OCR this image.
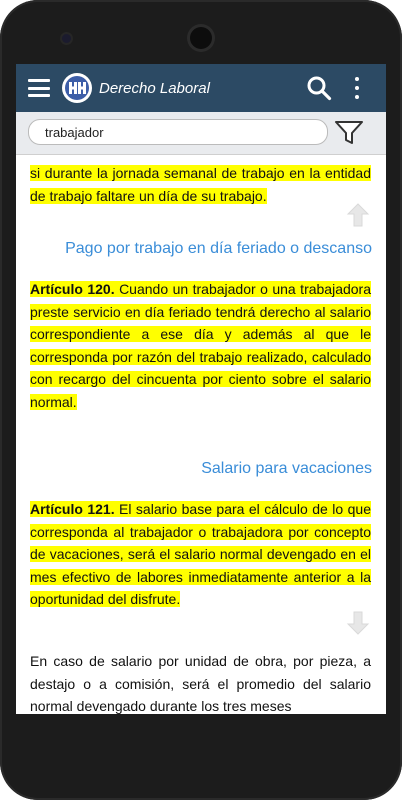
Derecho Laboral
trabajador
si durante la jornada semanal de trabajo en la entidad de trabajo faltare un día de su trabajo.
Pago por trabajo en día feriado o descanso
Artículo 120. Cuando un trabajador o una trabajadora preste servicio en día feriado tendrá derecho al salario correspondiente a ese día y además al que le corresponda por razón del trabajo realizado, calculado con recargo del cincuenta por ciento sobre el salario normal.
Salario para vacaciones
Artículo 121. El salario base para el cálculo de lo que corresponda al trabajador o trabajadora por concepto de vacaciones, será el salario normal devengado en el mes efectivo de labores inmediatamente anterior a la oportunidad del disfrute.
En caso de salario por unidad de obra, por pieza, a destajo o a comisión, será el promedio del salario normal devengado durante los tres meses
